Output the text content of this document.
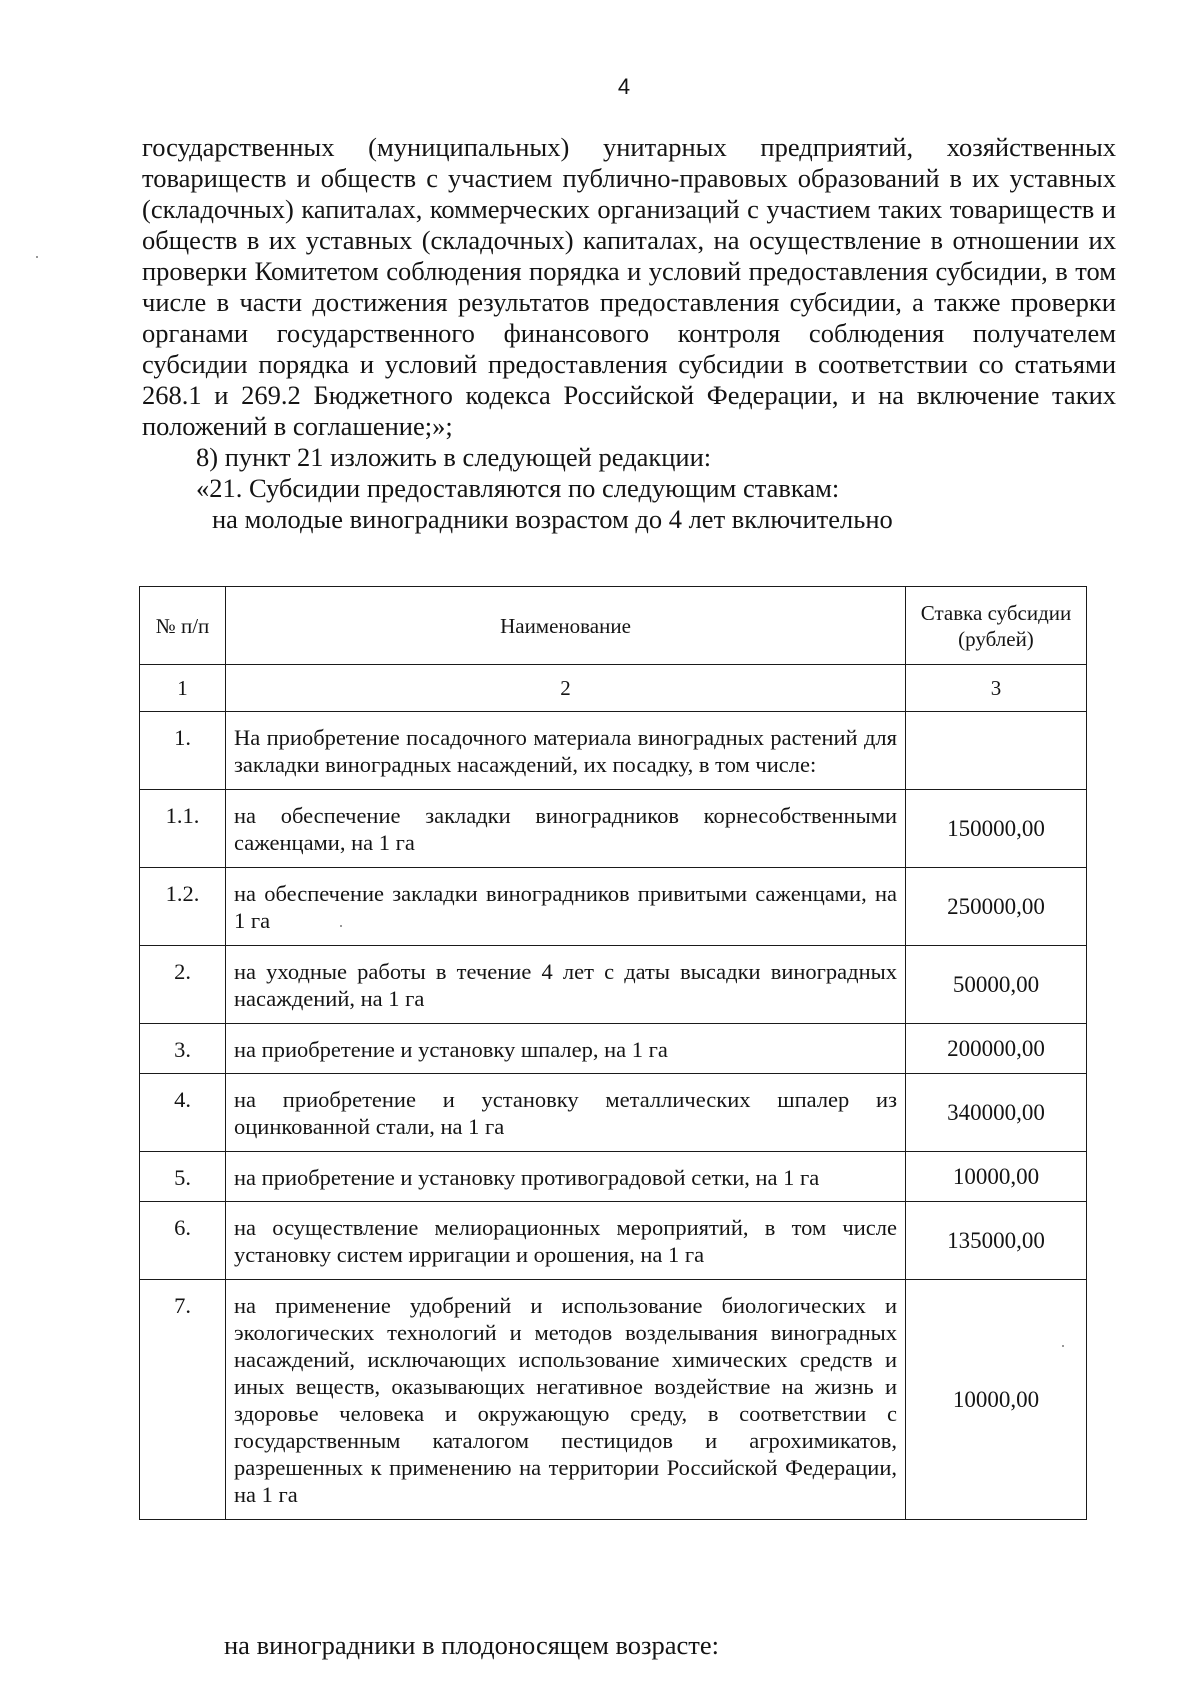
4

государственных (муниципальных) унитарных предприятий, хозяйственных товариществ и обществ с участием публично-правовых образований в их уставных (складочных) капиталах, коммерческих организаций с участием таких товариществ и обществ в их уставных (складочных) капиталах, на осуществление в отношении их проверки Комитетом соблюдения порядка и условий предоставления субсидии, в том числе в части достижения результатов предоставления субсидии, а также проверки органами государственного финансового контроля соблюдения получателем субсидии порядка и условий предоставления субсидии в соответствии со статьями 268.1 и 269.2 Бюджетного кодекса Российской Федерации, и на включение таких положений в соглашение;»;

8) пункт 21 изложить в следующей редакции:

«21. Субсидии предоставляются по следующим ставкам:

на молодые виноградники возрастом до 4 лет включительно

№ п/п	Наименование	Ставка субсидии (рублей)
1	2	3
1.	На приобретение посадочного материала виноградных растений для закладки виноградных насаждений, их посадку, в том числе:	
1.1.	на обеспечение закладки виноградников корнесобственными саженцами, на 1 га	150000,00
1.2.	на обеспечение закладки виноградников привитыми саженцами, на 1 га	250000,00
2.	на уходные работы в течение 4 лет с даты высадки виноградных насаждений, на 1 га	50000,00
3.	на приобретение и установку шпалер, на 1 га	200000,00
4.	на приобретение и установку металлических шпалер из оцинкованной стали, на 1 га	340000,00
5.	на приобретение и установку противоградовой сетки, на 1 га	10000,00
6.	на осуществление мелиорационных мероприятий, в том числе установку систем ирригации и орошения, на 1 га	135000,00
7.	на применение удобрений и использование биологических и экологических технологий и методов возделывания виноградных насаждений, исключающих использование химических средств и иных веществ, оказывающих негативное воздействие на жизнь и здоровье человека и окружающую среду, в соответствии с государственным каталогом пестицидов и агрохимикатов, разрешенных к применению на территории Российской Федерации, на 1 га	10000,00
на виноградники в плодоносящем возрасте:
